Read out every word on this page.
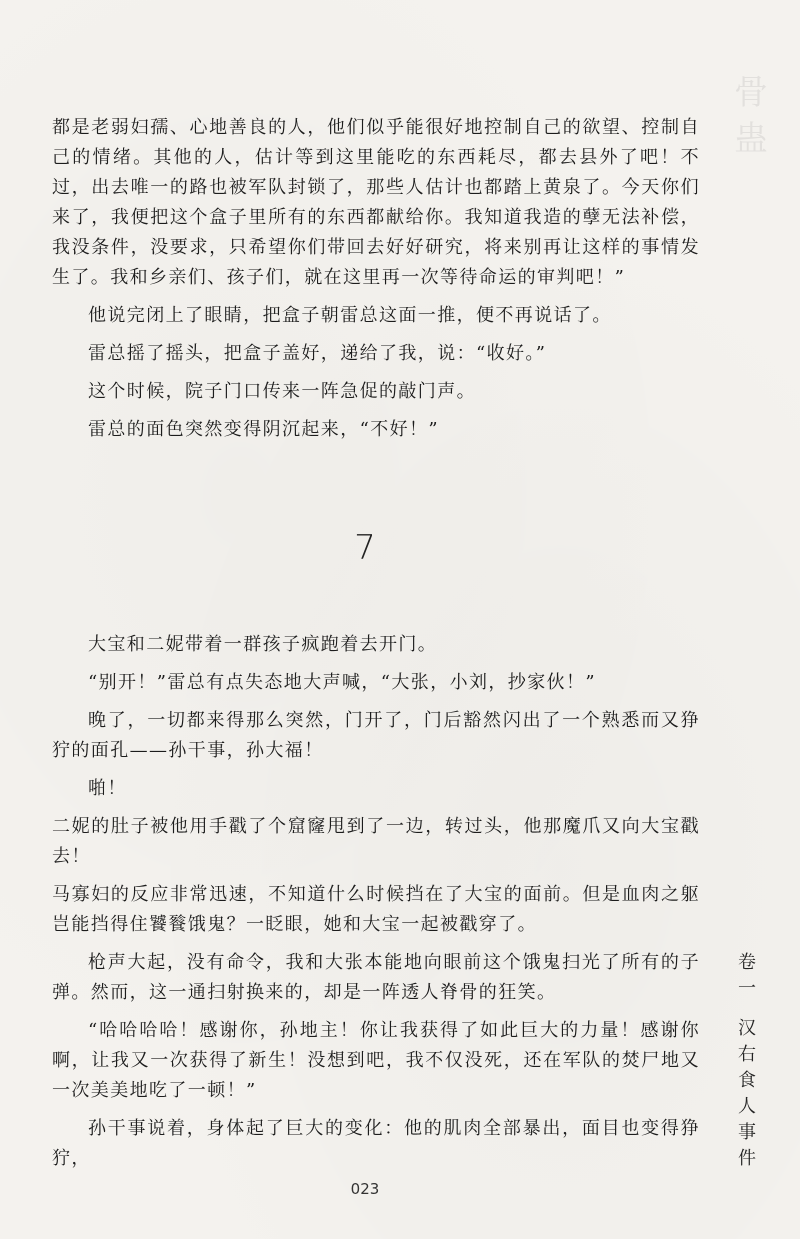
骨
蛊

都是老弱妇孺、心地善良的人，他们似乎能很好地控制自己的欲望、控制自己的情绪。其他的人，估计等到这里能吃的东西耗尽，都去县外了吧！不过，出去唯一的路也被军队封锁了，那些人估计也都踏上黄泉了。今天你们来了，我便把这个盒子里所有的东西都献给你。我知道我造的孽无法补偿，我没条件，没要求，只希望你们带回去好好研究，将来别再让这样的事情发生了。我和乡亲们、孩子们，就在这里再一次等待命运的审判吧！”

他说完闭上了眼睛，把盒子朝雷总这面一推，便不再说话了。

雷总摇了摇头，把盒子盖好，递给了我，说：“收好。”

这个时候，院子门口传来一阵急促的敲门声。

雷总的面色突然变得阴沉起来，“不好！”

7

大宝和二妮带着一群孩子疯跑着去开门。

“别开！”雷总有点失态地大声喊，“大张，小刘，抄家伙！”

晚了，一切都来得那么突然，门开了，门后豁然闪出了一个熟悉而又狰狞的面孔——孙干事，孙大福！

啪！

二妮的肚子被他用手戳了个窟窿甩到了一边，转过头，他那魔爪又向大宝戳去！

马寡妇的反应非常迅速，不知道什么时候挡在了大宝的面前。但是血肉之躯岂能挡得住饕餮饿鬼？一眨眼，她和大宝一起被戳穿了。

枪声大起，没有命令，我和大张本能地向眼前这个饿鬼扫光了所有的子弹。然而，这一通扫射换来的，却是一阵透人脊骨的狂笑。

“哈哈哈哈！感谢你，孙地主！你让我获得了如此巨大的力量！感谢你啊，让我又一次获得了新生！没想到吧，我不仅没死，还在军队的焚尸地又一次美美地吃了一顿！”

孙干事说着，身体起了巨大的变化：他的肌肉全部暴出，面目也变得狰狞，

卷
一
汉
右
食
人
事
件
023
